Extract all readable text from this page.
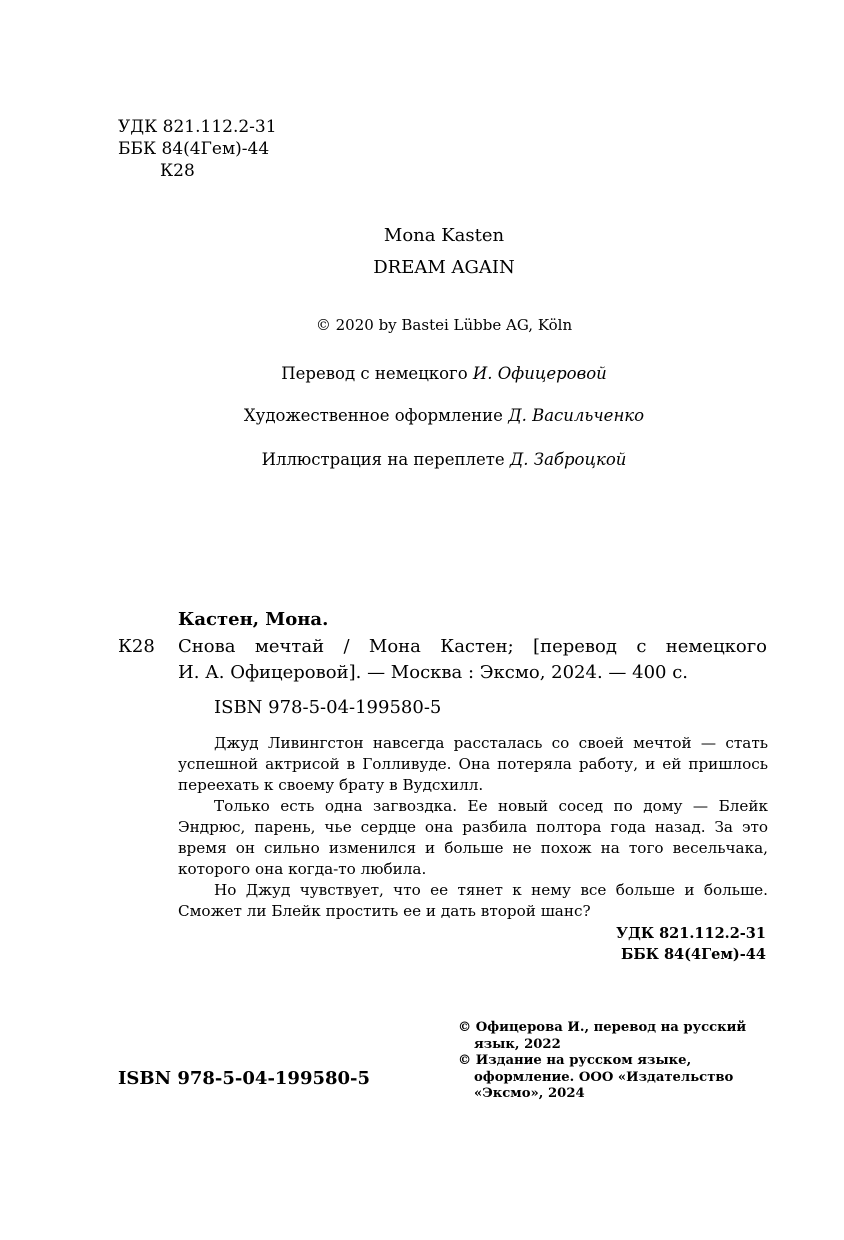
УДК 821.112.2-31
ББК 84(4Гем)-44
К28
Mona Kasten
DREAM AGAIN
© 2020 by Bastei Lübbe AG, Köln
Перевод с немецкого И. Офицеровой
Художественное оформление Д. Васильченко
Иллюстрация на переплете Д. Заброцкой
Кастен, Мона.
К28 Снова мечтай / Мона Кастен; [перевод с немецкого
И. А. Офицеровой]. — Москва : Эксмо, 2024. — 400 с.
ISBN 978-5-04-199580-5

Джуд Ливингстон навсегда рассталась со своей мечтой — стать успешной актрисой в Голливуде. Она потеряла работу, и ей пришлось переехать к своему брату в Вудсхилл.

Только есть одна загвоздка. Ее новый сосед по дому — Блейк Эндрюс, парень, чье сердце она разбила полтора года назад. За это время он сильно изменился и больше не похож на того весельчака, которого она когда-то любила.

Но Джуд чувствует, что ее тянет к нему все больше и больше. Сможет ли Блейк простить ее и дать второй шанс?

УДК 821.112.2-31
ББК 84(4Гем)-44
© Офицерова И., перевод на русский язык, 2022
© Издание на русском языке, оформление. ООО «Издательство «Эксмо», 2024
ISBN 978-5-04-199580-5
